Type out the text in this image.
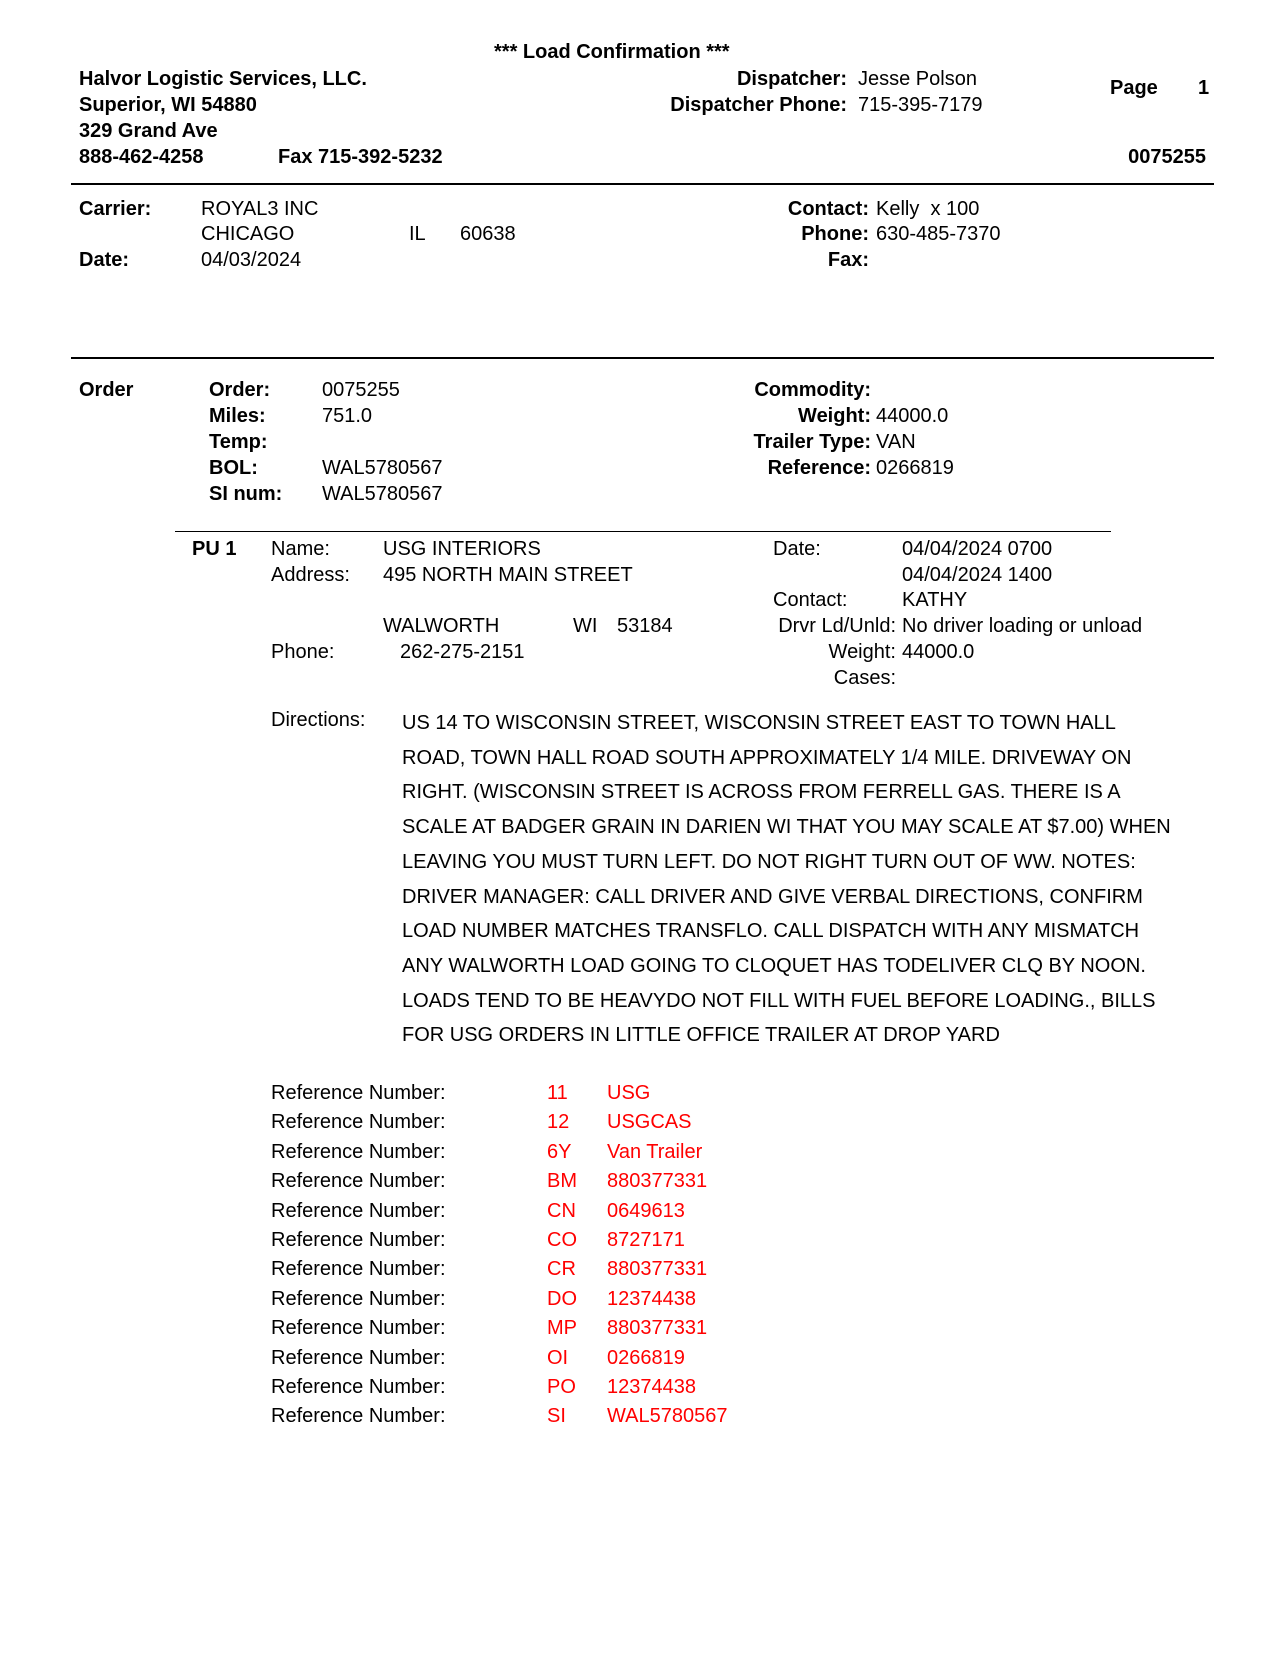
*** Load Confirmation ***
Halvor Logistic Services, LLC.
Superior, WI 54880
329 Grand Ave
888-462-4258	Fax 715-392-5232
Dispatcher: Jesse Polson
Dispatcher Phone: 715-395-7179
Page 1
0075255
Carrier: ROYAL3 INC
CHICAGO	IL 60638
Date:	04/03/2024
Contact: Kelly  x 100
Phone: 630-485-7370
Fax:
Order	Order:	0075255
Miles:	751.0
Temp:
BOL:	WAL5780567
SI num: WAL5780567
Commodity:
Weight: 44000.0
Trailer Type: VAN
Reference: 0266819
PU 1 Name:	USG INTERIORS
Address: 495 NORTH MAIN STREET
WALWORTH	WI 53184
Phone:	262-275-2151
Date:	04/04/2024 0700
04/04/2024 1400
Contact:	KATHY
Drvr Ld/Unld: No driver loading or unload
Weight: 44000.0
Cases:
Directions: US 14 TO WISCONSIN STREET, WISCONSIN STREET EAST TO TOWN HALL ROAD, TOWN HALL ROAD SOUTH APPROXIMATELY 1/4 MILE. DRIVEWAY ON RIGHT. (WISCONSIN STREET IS ACROSS FROM FERRELL GAS. THERE IS A SCALE AT BADGER GRAIN IN DARIEN WI THAT YOU MAY SCALE AT $7.00) WHEN LEAVING YOU MUST TURN LEFT. DO NOT RIGHT TURN OUT OF WW. NOTES: DRIVER MANAGER: CALL DRIVER AND GIVE VERBAL DIRECTIONS, CONFIRM LOAD NUMBER MATCHES TRANSFLO. CALL DISPATCH WITH ANY MISMATCH ANY WALWORTH LOAD GOING TO CLOQUET HAS TODELIVER CLQ BY NOON. LOADS TEND TO BE HEAVYDO NOT FILL WITH FUEL BEFORE LOADING., BILLS FOR USG ORDERS IN LITTLE OFFICE TRAILER AT DROP YARD
Reference Number:	11 USG
Reference Number:	12 USGCAS
Reference Number:	6Y Van Trailer
Reference Number:	BM 880377331
Reference Number:	CN 0649613
Reference Number:	CO 8727171
Reference Number:	CR 880377331
Reference Number:	DO 12374438
Reference Number:	MP 880377331
Reference Number:	OI 0266819
Reference Number:	PO 12374438
Reference Number:	SI WAL5780567
